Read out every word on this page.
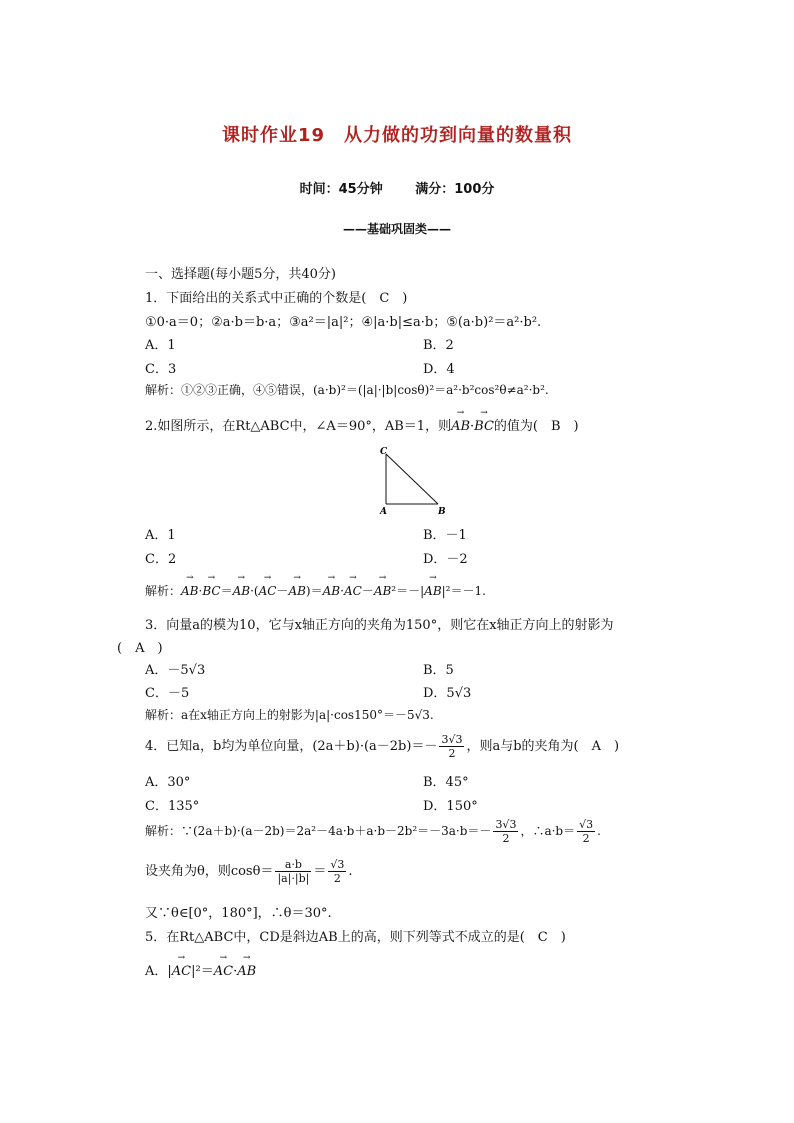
课时作业19　从力做的功到向量的数量积
时间：45分钟	满分：100分
——基础巩固类——
一、选择题(每小题5分，共40分)
1．下面给出的关系式中正确的个数是(　C　)
①0·a＝0；②a·b＝b·a；③a²＝|a|²；④|a·b|≤a·b；⑤(a·b)²＝a²·b².
A．1	B．2
C．3	D．4
解析：①②③正确，④⑤错误，(a·b)²＝(|a|·|b|cosθ)²＝a²·b²cos²θ≠a²·b².
2.如图所示，在Rt△ABC中，∠A＝90°，AB＝1，则→ AB·→ BC的值为(　B　)
C
A	B
A．1	B．－1
C．2	D．－2
解析：→ AB·→ BC＝→ AB·(→ AC－→ AB)＝→ AB·→ AC－→ AB²＝－|→ AB|²＝－1.
3．向量a的模为10，它与x轴正方向的夹角为150°，则它在x轴正方向上的射影为
(　A　)
A．－5√3	B．5
C．－5	D．5√3
解析：a在x轴正方向上的射影为|a|·cos150°＝－5√3.
4．已知a，b均为单位向量，$(2a+b)\cdot(a-2b)=- \frac{3√3}{2}$ ，则a与b的夹角为(　A　)
A．30°	B．45°
C．135°	D．150°
解析：∵(2a＋b)·(a－2b)＝2a²－4a·b＋a·b－2b²＝－3a·b＝－ $\frac{3√3}{2}$ ，∴a·b＝ $\frac{√3}{2}$ .
设夹角为θ，则$\cos\theta= \frac{a\cdot b}{|a|\cdot|b|} = \frac{√3}{2}$ .
又∵θ∈[0°，180°]，∴θ＝30°.
5．在Rt△ABC中，CD是斜边AB上的高，则下列等式不成立的是(　C　)
A．|→ AC|²＝→ AC·→ AB
